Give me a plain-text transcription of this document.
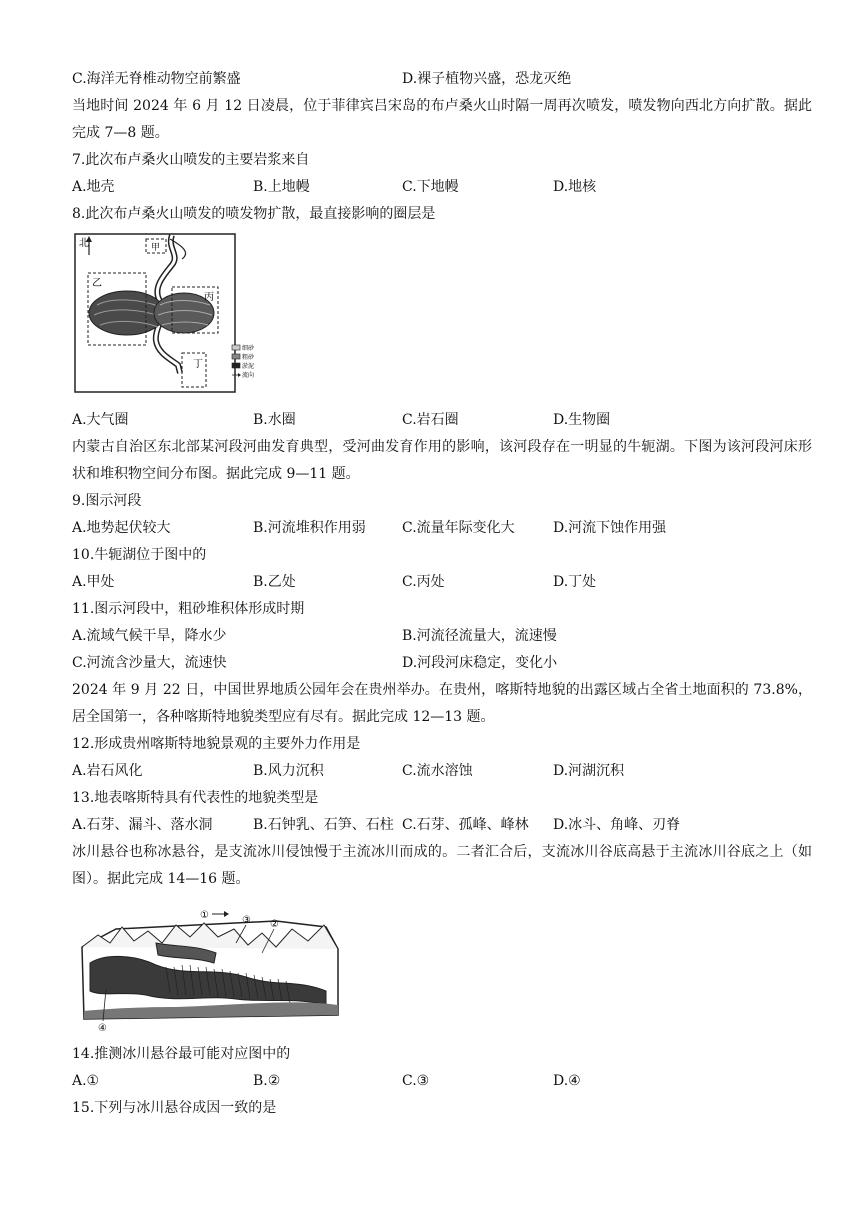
C.海洋无脊椎动物空前繁盛	D.裸子植物兴盛，恐龙灭绝
当地时间 2024 年 6 月 12 日凌晨，位于菲律宾吕宋岛的布卢桑火山时隔一周再次喷发，喷发物向西北方向扩散。据此完成 7—8 题。
7.此次布卢桑火山喷发的主要岩浆来自
A.地壳	B.上地幔	C.下地幔	D.地核
8.此次布卢桑火山喷发的喷发物扩散，最直接影响的圈层是
北	甲
乙
丙
丁
细砂
粗砂
淤泥
流向
A.大气圈	B.水圈	C.岩石圈	D.生物圈
内蒙古自治区东北部某河段河曲发育典型，受河曲发育作用的影响，该河段存在一明显的牛轭湖。下图为该河段河床形状和堆积物空间分布图。据此完成 9—11 题。
9.图示河段
A.地势起伏较大	B.河流堆积作用弱	C.流量年际变化大	D.河流下蚀作用强
10.牛轭湖位于图中的
A.甲处	B.乙处	C.丙处	D.丁处
11.图示河段中，粗砂堆积体形成时期
A.流域气候干旱，降水少	B.河流径流量大，流速慢
C.河流含沙量大，流速快	D.河段河床稳定，变化小
2024 年 9 月 22 日，中国世界地质公园年会在贵州举办。在贵州，喀斯特地貌的出露区域占全省土地面积的 73.8%，居全国第一，各种喀斯特地貌类型应有尽有。据此完成 12—13 题。
12.形成贵州喀斯特地貌景观的主要外力作用是
A.岩石风化	B.风力沉积	C.流水溶蚀	D.河湖沉积
13.地表喀斯特具有代表性的地貌类型是
A.石芽、漏斗、落水洞	B.石钟乳、石笋、石柱 C.石芽、孤峰、峰林 D.冰斗、角峰、刃脊
冰川悬谷也称冰悬谷，是支流冰川侵蚀慢于主流冰川而成的。二者汇合后，支流冰川谷底高悬于主流冰川谷底之上（如图）。据此完成 14—16 题。
①	③ ②
④
14.推测冰川悬谷最可能对应图中的
A.①	B.②	C.③	D.④
15.下列与冰川悬谷成因一致的是
